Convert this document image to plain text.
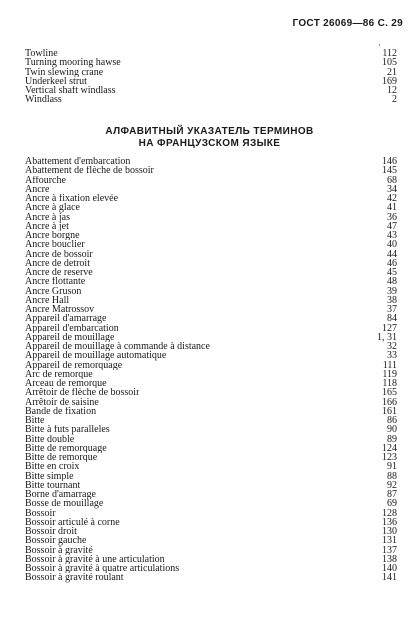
ГОСТ 26069—86 С. 29
·
Towline	112
Turning mooring hawse	105
Twin slewing crane	21
Underkeel strut	169
Vertical shaft windlass	12
Windlass	2
АЛФАВИТНЫЙ УКАЗАТЕЛЬ ТЕРМИНОВ
НА ФРАНЦУЗСКОМ ЯЗЫКЕ
Abattement d'embarcation	146
Abattement de flèche de bossoir	145
Affourche	68
Ancre	34
Ancre à fixation elevée	42
Ancre à glace	41
Ancre à jas	36
Ancre à jet	47
Ancre borgne	43
Ancre bouclier	40
Ancre de bossoir	44
Ancre de detroit	46
Ancre de reserve	45
Ancre flottante	48
Ancre Gruson	39
Ancre Hall	38
Ancre Matrossov	37
Appareil d'amarrage	84
Appareil d'embarcation	127
Appareil de mouillage	1, 31
Appareil de mouillage à commande à distance	32
Appareil de mouillage automatique	33
Appareil de remorquage	111
Arc de remorque	119
Arceau de remorque	118
Arrêtoir de flèche de bossoir	165
Arrêtoir de saisine	166
Bande de fixation	161
Bitte	86
Bitte à futs paralleles	90
Bitte double	89
Bitte de remorquage	124
Bitte de remorque	123
Bitte en croix	91
Bitte simple	88
Bitte tournant	92
Borne d'amarrage	87
Bosse de mouillage	69
Bossoir	128
Bossoir articulé à corne	136
Bossoir droit	130
Bossoir gauche	131
Bossoir à gravité	137
Bossoir à gravité à une articulation	138
Bossoir à gravité à quatre articulations	140
Bossoir à gravité roulant	141
